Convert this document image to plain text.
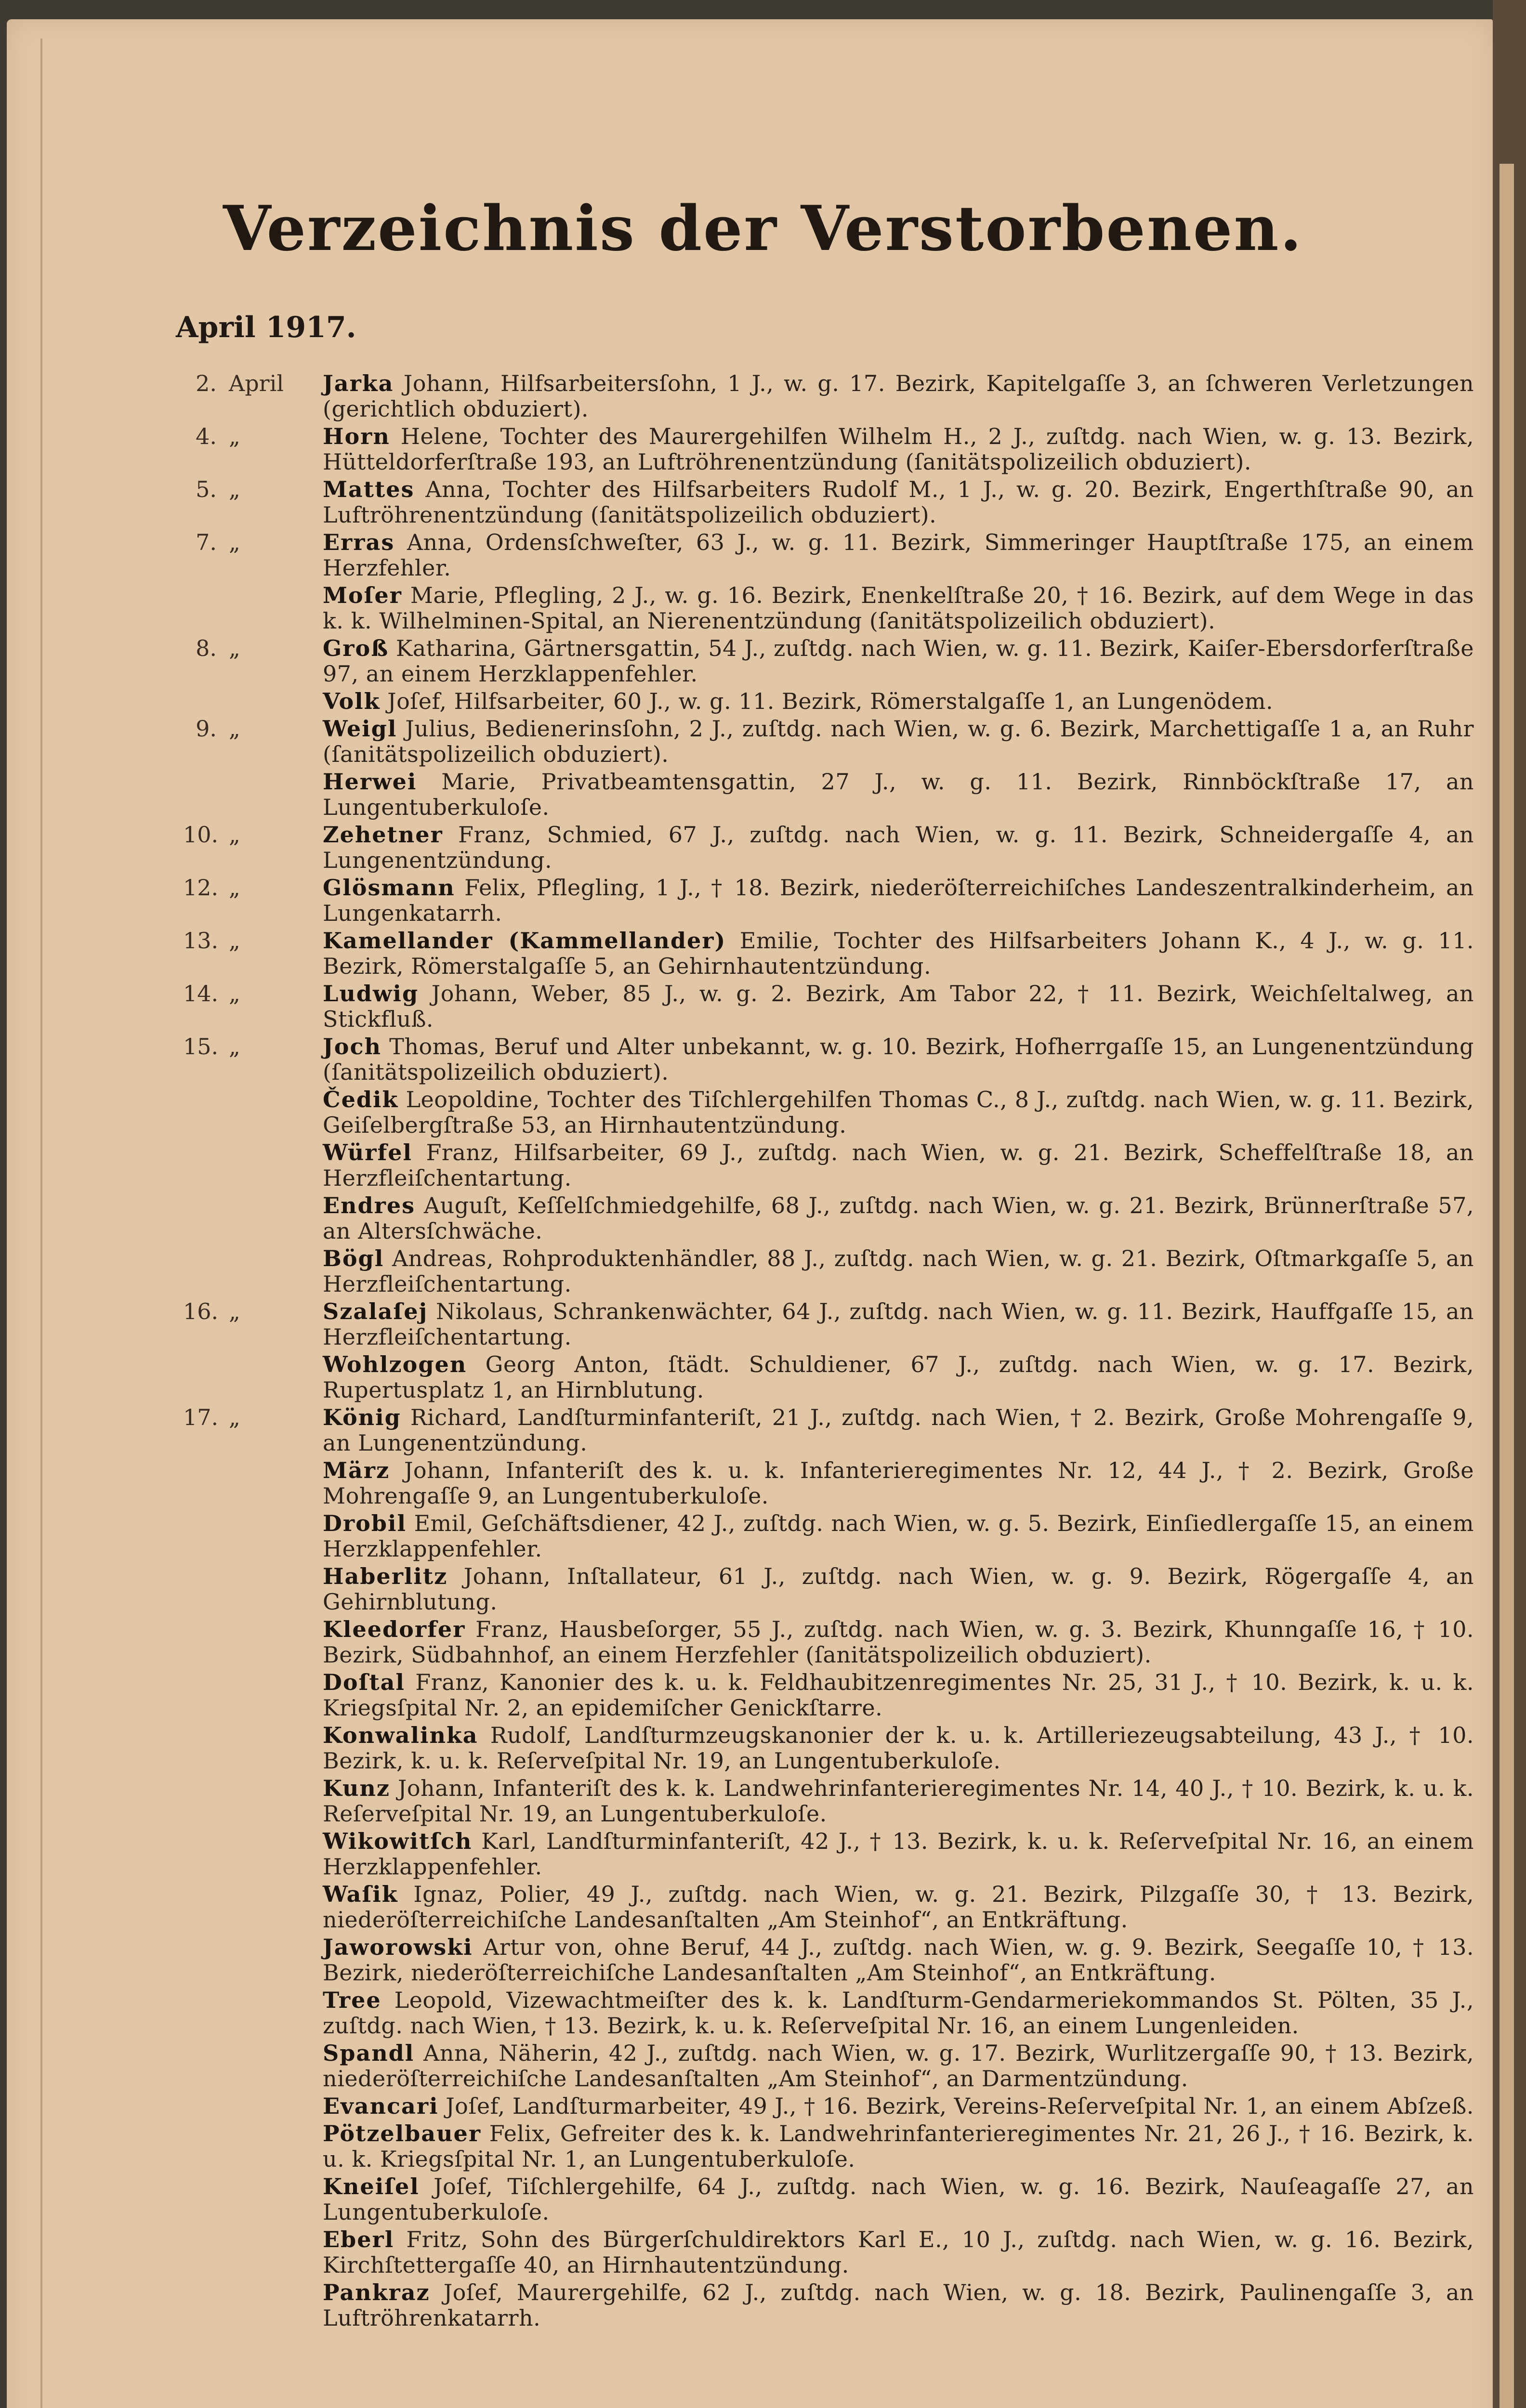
Verzeichnis der Verstorbenen.
April 1917.
2. April	Jarka Johann, Hilfsarbeitersſohn, 1 J., w. g. 17. Bezirk, Kapitelgaſſe 3, an ſchweren Verletzungen (gerichtlich obduziert).
4. „	Horn Helene, Tochter des Maurergehilfen Wilhelm H., 2 J., zuſtdg. nach Wien, w. g. 13. Bezirk, Hütteldorferſtraße 193, an Luftröhrenentzündung (ſanitätspolizeilich obduziert).
5. „	Mattes Anna, Tochter des Hilfsarbeiters Rudolf M., 1 J., w. g. 20. Bezirk, Engerthſtraße 90, an Luftröhrenentzündung (ſanitätspolizeilich obduziert).
7. „	Erras Anna, Ordensſchweſter, 63 J., w. g. 11. Bezirk, Simmeringer Hauptſtraße 175, an einem Herzfehler.
Moſer Marie, Pflegling, 2 J., w. g. 16. Bezirk, Enenkelſtraße 20, † 16. Bezirk, auf dem Wege in das k. k. Wilhelminen-Spital, an Nierenentzündung (ſanitätspolizeilich obduziert).
8. „	Groß Katharina, Gärtnersgattin, 54 J., zuſtdg. nach Wien, w. g. 11. Bezirk, Kaiſer-Ebersdorferſtraße 97, an einem Herzklappenfehler.
Volk Joſef, Hilfsarbeiter, 60 J., w. g. 11. Bezirk, Römerstalgaſſe 1, an Lungenödem.
9. „	Weigl Julius, Bedienerinsſohn, 2 J., zuſtdg. nach Wien, w. g. 6. Bezirk, Marchettigaſſe 1 a, an Ruhr (ſanitätspolizeilich obduziert).
Herwei Marie, Privatbeamtensgattin, 27 J., w. g. 11. Bezirk, Rinnböckſtraße 17, an Lungentuberkuloſe.
10. „	Zehetner Franz, Schmied, 67 J., zuſtdg. nach Wien, w. g. 11. Bezirk, Schneidergaſſe 4, an Lungenentzündung.
12. „	Glösmann Felix, Pflegling, 1 J., † 18. Bezirk, niederöſterreichiſches Landeszentralkinderheim, an Lungenkatarrh.
13. „	Kamellander (Kammellander) Emilie, Tochter des Hilfsarbeiters Johann K., 4 J., w. g. 11. Bezirk, Römerstalgaſſe 5, an Gehirnhautentzündung.
14. „	Ludwig Johann, Weber, 85 J., w. g. 2. Bezirk, Am Tabor 22, † 11. Bezirk, Weichſeltalweg, an Stickfluß.
15. „	Joch Thomas, Beruf und Alter unbekannt, w. g. 10. Bezirk, Hofherrgaſſe 15, an Lungenentzündung (ſanitätspolizeilich obduziert).
Čedik Leopoldine, Tochter des Tiſchlergehilfen Thomas C., 8 J., zuſtdg. nach Wien, w. g. 11. Bezirk, Geiſelbergſtraße 53, an Hirnhautentzündung.
Würfel Franz, Hilfsarbeiter, 69 J., zuſtdg. nach Wien, w. g. 21. Bezirk, Scheffelſtraße 18, an Herzfleiſchentartung.
Endres Auguſt, Keſſelſchmiedgehilfe, 68 J., zuſtdg. nach Wien, w. g. 21. Bezirk, Brünnerſtraße 57, an Altersſchwäche.
Bögl Andreas, Rohproduktenhändler, 88 J., zuſtdg. nach Wien, w. g. 21. Bezirk, Oſtmarkgaſſe 5, an Herzfleiſchentartung.
16. „	Szalaſej Nikolaus, Schrankenwächter, 64 J., zuſtdg. nach Wien, w. g. 11. Bezirk, Hauffgaſſe 15, an Herzfleiſchentartung.
Wohlzogen Georg Anton, ſtädt. Schuldiener, 67 J., zuſtdg. nach Wien, w. g. 17. Bezirk, Rupertusplatz 1, an Hirnblutung.
17. „	König Richard, Landſturminfanteriſt, 21 J., zuſtdg. nach Wien, † 2. Bezirk, Große Mohrengaſſe 9, an Lungenentzündung.
März Johann, Infanteriſt des k. u. k. Infanterieregimentes Nr. 12, 44 J., † 2. Bezirk, Große Mohrengaſſe 9, an Lungentuberkuloſe.
Drobil Emil, Geſchäftsdiener, 42 J., zuſtdg. nach Wien, w. g. 5. Bezirk, Einſiedlergaſſe 15, an einem Herzklappenfehler.
Haberlitz Johann, Inſtallateur, 61 J., zuſtdg. nach Wien, w. g. 9. Bezirk, Rögergaſſe 4, an Gehirnblutung.
Kleedorfer Franz, Hausbeſorger, 55 J., zuſtdg. nach Wien, w. g. 3. Bezirk, Khunngaſſe 16, † 10. Bezirk, Südbahnhof, an einem Herzfehler (ſanitätspolizeilich obduziert).
Doſtal Franz, Kanonier des k. u. k. Feldhaubitzenregimentes Nr. 25, 31 J., † 10. Bezirk, k. u. k. Kriegsſpital Nr. 2, an epidemiſcher Genickſtarre.
Konwalinka Rudolf, Landſturmzeugskanonier der k. u. k. Artilleriezeugsabteilung, 43 J., † 10. Bezirk, k. u. k. Reſerveſpital Nr. 19, an Lungentuberkuloſe.
Kunz Johann, Infanteriſt des k. k. Landwehrinfanterieregimentes Nr. 14, 40 J., † 10. Bezirk, k. u. k. Reſerveſpital Nr. 19, an Lungentuberkuloſe.
Wikowitſch Karl, Landſturminfanteriſt, 42 J., † 13. Bezirk, k. u. k. Reſerveſpital Nr. 16, an einem Herzklappenfehler.
Waſik Ignaz, Polier, 49 J., zuſtdg. nach Wien, w. g. 21. Bezirk, Pilzgaſſe 30, † 13. Bezirk, niederöſterreichiſche Landesanſtalten „Am Steinhof“, an Entkräftung.
Jaworowski Artur von, ohne Beruf, 44 J., zuſtdg. nach Wien, w. g. 9. Bezirk, Seegaſſe 10, † 13. Bezirk, niederöſterreichiſche Landesanſtalten „Am Steinhof“, an Entkräftung.
Tree Leopold, Vizewachtmeiſter des k. k. Landſturm-Gendarmeriekommandos St. Pölten, 35 J., zuſtdg. nach Wien, † 13. Bezirk, k. u. k. Reſerveſpital Nr. 16, an einem Lungenleiden.
Spandl Anna, Näherin, 42 J., zuſtdg. nach Wien, w. g. 17. Bezirk, Wurlitzergaſſe 90, † 13. Bezirk, niederöſterreichiſche Landesanſtalten „Am Steinhof“, an Darmentzündung.
Evancari Joſef, Landſturmarbeiter, 49 J., † 16. Bezirk, Vereins-Reſerveſpital Nr. 1, an einem Abſzeß.
Pötzelbauer Felix, Gefreiter des k. k. Landwehrinfanterieregimentes Nr. 21, 26 J., † 16. Bezirk, k. u. k. Kriegsſpital Nr. 1, an Lungentuberkuloſe.
Kneiſel Joſef, Tiſchlergehilfe, 64 J., zuſtdg. nach Wien, w. g. 16. Bezirk, Nauſeagaſſe 27, an Lungentuberkuloſe.
Eberl Fritz, Sohn des Bürgerſchuldirektors Karl E., 10 J., zuſtdg. nach Wien, w. g. 16. Bezirk, Kirchſtettergaſſe 40, an Hirnhautentzündung.
Pankraz Joſef, Maurergehilfe, 62 J., zuſtdg. nach Wien, w. g. 18. Bezirk, Paulinengaſſe 3, an Luftröhrenkatarrh.
